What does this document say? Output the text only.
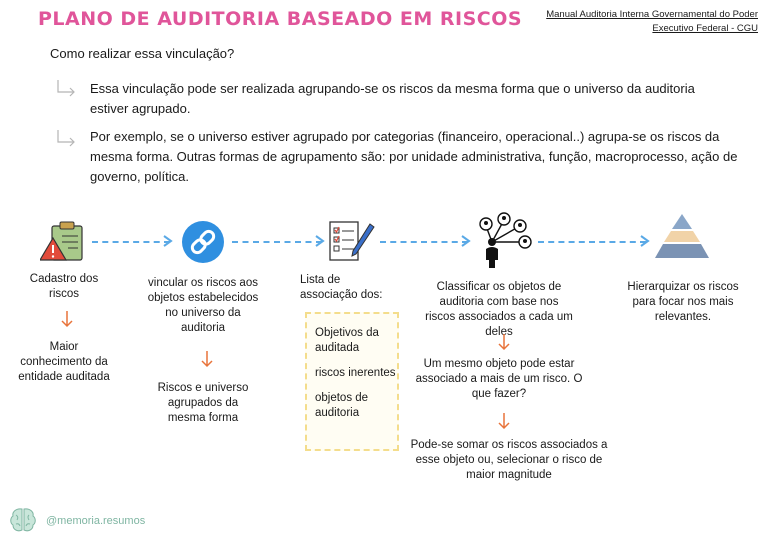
PLANO DE AUDITORIA BASEADO EM RISCOS	Manual Auditoria Interna Governamental do Poder
Executivo Federal - CGU
Como realizar essa vinculação?
Essa vinculação pode ser realizada agrupando-se os riscos da mesma forma que o universo da auditoria estiver agrupado.
Por exemplo, se o universo estiver agrupado por categorias (financeiro, operacional..) agrupa-se os riscos da mesma forma. Outras formas de agrupamento são: por unidade administrativa, função, macroprocesso, ação de governo, política.
Cadastro dos riscos
Maior conhecimento da entidade auditada
vincular os riscos aos objetos estabelecidos no universo da auditoria
Riscos e universo agrupados da mesma forma
Lista de associação dos:
Objetivos da auditada
riscos inerentes
objetos de auditoria
Classificar os objetos de auditoria com base nos riscos associados a cada um deles
Um mesmo objeto pode estar associado a mais de um risco. O que fazer?
Pode-se somar os riscos associados a esse objeto ou, selecionar o risco de maior magnitude
Hierarquizar os riscos para focar nos mais relevantes.
@memoria.resumos
